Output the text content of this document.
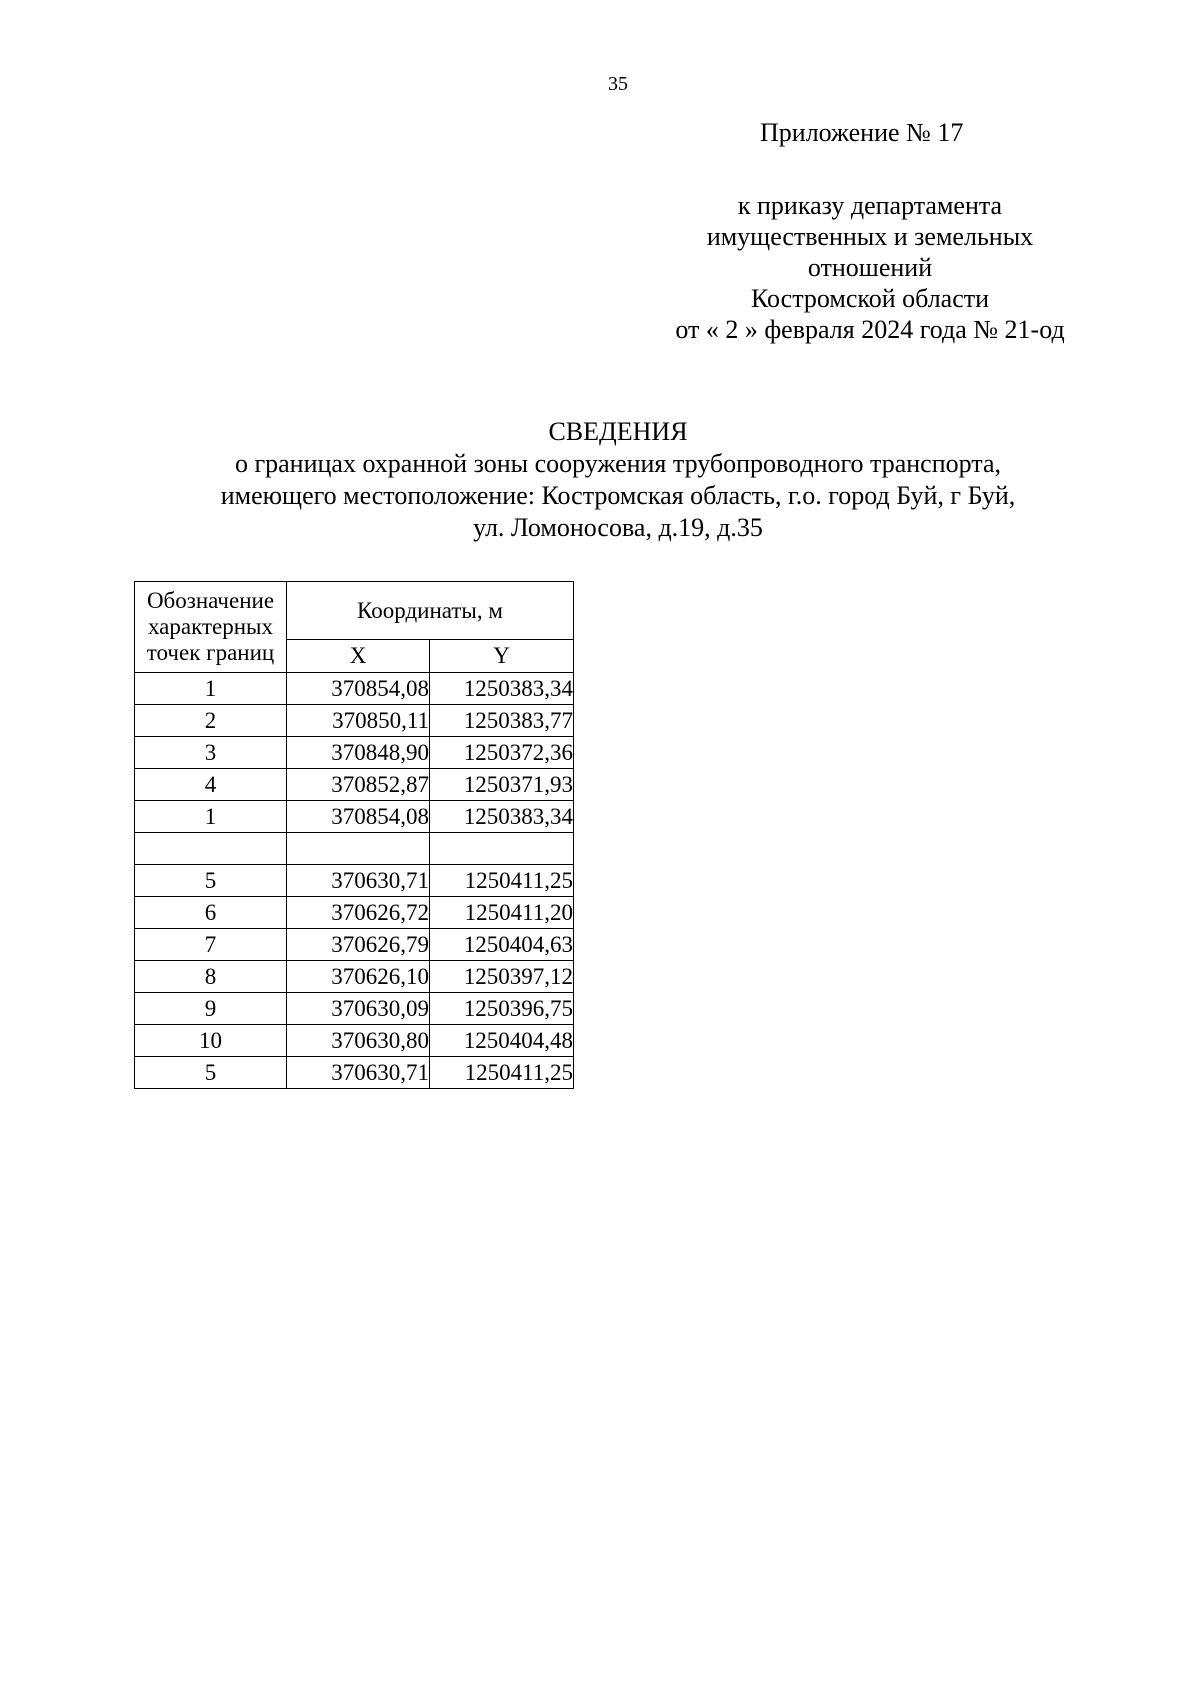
35
Приложение № 17
к приказу департамента
имущественных и земельных
отношений
Костромской области
от « 2 » февраля 2024 года № 21-од
СВЕДЕНИЯ
о границах охранной зоны сооружения трубопроводного транспорта,
имеющего местоположение: Костромская область, г.о. город Буй, г Буй,
ул. Ломоносова, д.19, д.35
Обозначение
характерных
точек границ	Координаты, м	
	X	Y
1	370854,08	1250383,34
2	370850,11	1250383,77
3	370848,90	1250372,36
4	370852,87	1250371,93
1	370854,08	1250383,34

5	370630,71	1250411,25
6	370626,72	1250411,20
7	370626,79	1250404,63
8	370626,10	1250397,12
9	370630,09	1250396,75
10	370630,80	1250404,48
5	370630,71	1250411,25
